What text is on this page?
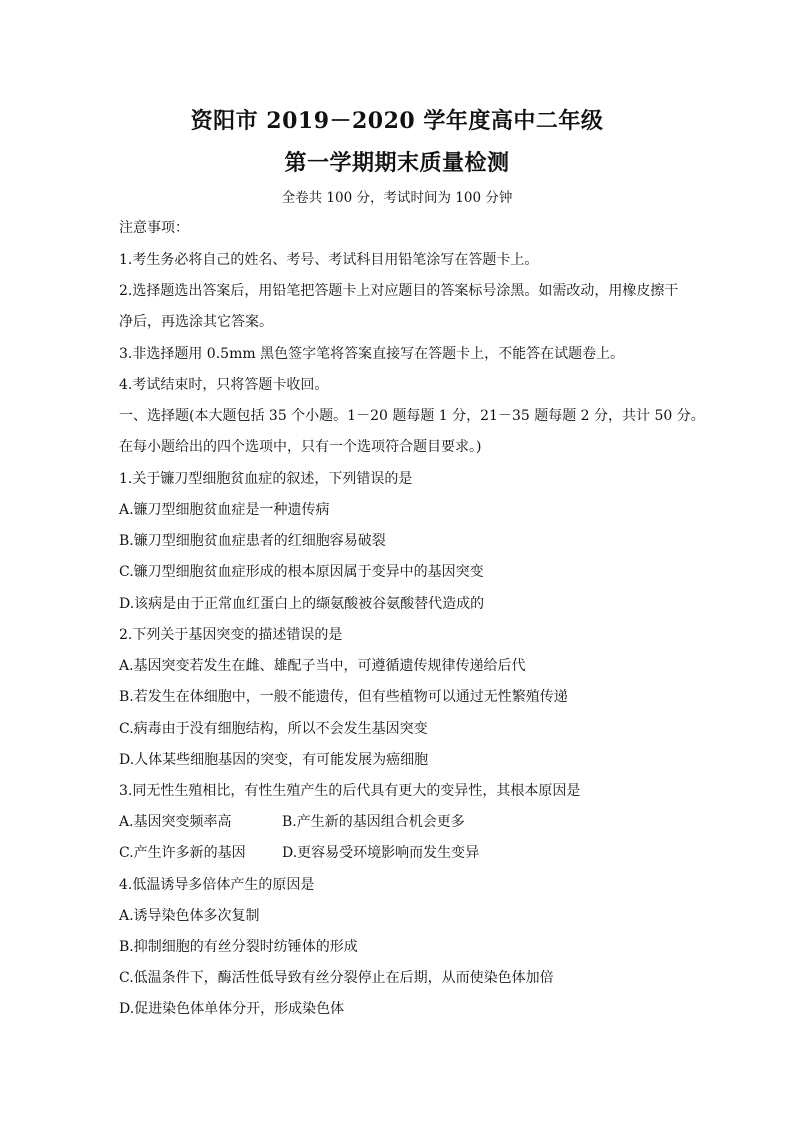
资阳市 2019－2020 学年度高中二年级
第一学期期末质量检测
全卷共 100 分，考试时间为 100 分钟
注意事项：
1.考生务必将自己的姓名、考号、考试科目用铅笔涂写在答题卡上。
2.选择题选出答案后，用铅笔把答题卡上对应题目的答案标号涂黑。如需改动，用橡皮擦干
净后，再选涂其它答案。
3.非选择题用 0.5mm 黑色签字笔将答案直接写在答题卡上，不能答在试题卷上。
4.考试结束时，只将答题卡收回。
一、选择题(本大题包括 35 个小题。1－20 题每题 1 分，21－35 题每题 2 分，共计 50 分。
在每小题给出的四个选项中，只有一个选项符合题目要求。)
1.关于镰刀型细胞贫血症的叙述，下列错误的是
A.镰刀型细胞贫血症是一种遗传病
B.镰刀型细胞贫血症患者的红细胞容易破裂
C.镰刀型细胞贫血症形成的根本原因属于变异中的基因突变
D.该病是由于正常血红蛋白上的缬氨酸被谷氨酸替代造成的
2.下列关于基因突变的描述错误的是
A.基因突变若发生在雌、雄配子当中，可遵循遗传规律传递给后代
B.若发生在体细胞中，一般不能遗传，但有些植物可以通过无性繁殖传递
C.病毒由于没有细胞结构，所以不会发生基因突变
D.人体某些细胞基因的突变，有可能发展为癌细胞
3.同无性生殖相比，有性生殖产生的后代具有更大的变异性，其根本原因是
A.基因突变频率高	B.产生新的基因组合机会更多
C.产生许多新的基因	D.更容易受环境影响而发生变异
4.低温诱导多倍体产生的原因是
A.诱导染色体多次复制
B.抑制细胞的有丝分裂时纺锤体的形成
C.低温条件下，酶活性低导致有丝分裂停止在后期，从而使染色体加倍
D.促进染色体单体分开，形成染色体
